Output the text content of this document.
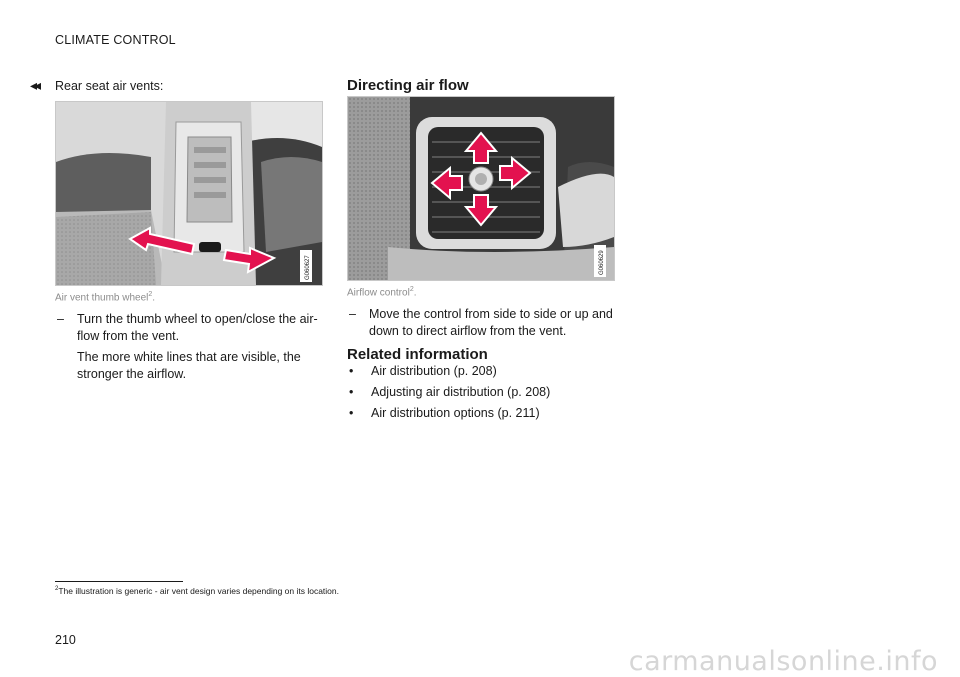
CLIMATE CONTROL
◂◂ Rear seat air vents:
G060627
Air vent thumb wheel$^2$.
– Turn the thumb wheel to open/close the air-
flow from the vent.
The more white lines that are visible, the
stronger the airflow.
Directing air flow
G060629
Airflow control$^2$.
– Move the control from side to side or up and
down to direct airflow from the vent.
Related information
• Air distribution (p. 208)
• Adjusting air distribution (p. 208)
• Air distribution options (p. 211)
$^2$The illustration is generic - air vent design varies depending on its location.
210
carmanualsonline.info
